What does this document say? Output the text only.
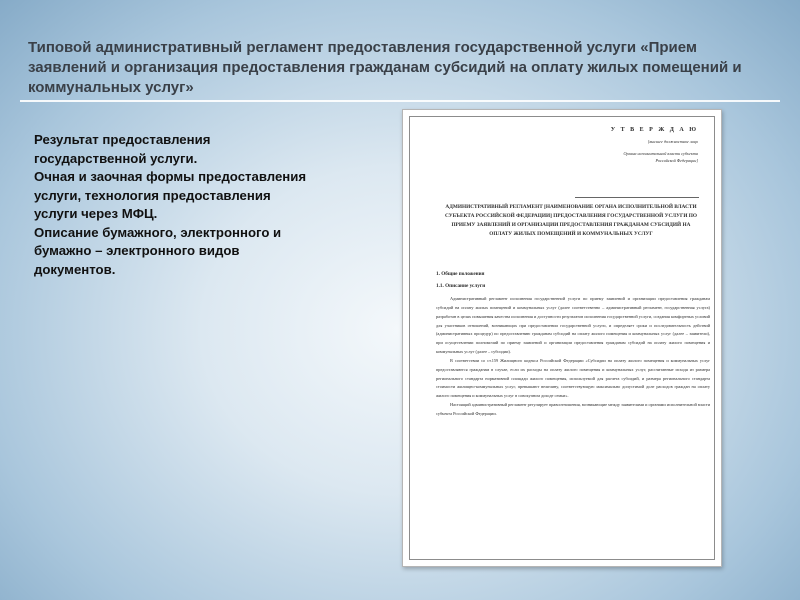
Типовой административный регламент предоставления государственной услуги «Прием заявлений и организация предоставления гражданам субсидий на оплату жилых помещений и коммунальных услуг»
Результат предоставления
государственной услуги.
Очная и заочная формы предоставления
услуги, технология предоставления
услуги через МФЦ.
Описание бумажного, электронного и
бумажно – электронного видов
документов.
У Т В Е Р Ж Д А Ю
[высшее должностное лицо
Органа исполнительной власти субъекта
Российской Федерации]
АДМИНИСТРАТИВНЫЙ РЕГЛАМЕНТ [НАИМЕНОВАНИЕ ОРГАНА ИСПОЛНИТЕЛЬНОЙ ВЛАСТИ СУБЪЕКТА РОССИЙСКОЙ ФЕДЕРАЦИИ] ПРЕДОСТАВЛЕНИЯ ГОСУДАРСТВЕННОЙ УСЛУГИ ПО ПРИЕМУ ЗАЯВЛЕНИЙ И ОРГАНИЗАЦИИ ПРЕДОСТАВЛЕНИЯ ГРАЖДАНАМ СУБСИДИЙ НА ОПЛАТУ ЖИЛЫХ ПОМЕЩЕНИЙ И КОММУНАЛЬНЫХ УСЛУГ
1. Общие положения
1.1. Описание услуги

Административный регламент исполнения государственной услуги по приему заявлений и организации предоставления гражданам субсидий на оплату жилых помещений и коммунальных услуг (далее соответственно – административный регламент, государственная услуга) разработан в целях повышения качества исполнения и доступности результатов исполнения государственной услуги, создания комфортных условий для участников отношений, возникающих при предоставлении государственной услуги, и определяет сроки и последовательность действий (административных процедур) по предоставлению гражданам субсидий на оплату жилого помещения и коммунальных услуг (далее – заявители), при осуществлении полномочий по приему заявлений и организации предоставления гражданам субсидий на оплату жилого помещения и коммунальных услуг (далее – субсидии).

В соответствии со ст.159 Жилищного кодекса Российской Федерации «Субсидии на оплату жилого помещения и коммунальных услуг предоставляются гражданам в случае, если их расходы на оплату жилого помещения и коммунальных услуг, рассчитанные исходя из размера регионального стандарта нормативной площади жилого помещения, используемой для расчета субсидий, и размера регионального стандарта стоимости жилищно-коммунальных услуг, превышают величину, соответствующую максимально допустимой доле расходов граждан на оплату жилого помещения и коммунальных услуг в совокупном доходе семьи».

Настоящий административный регламент регулирует правоотношения, возникающие между заявителями и органами исполнительной власти субъекта Российской Федерации.
